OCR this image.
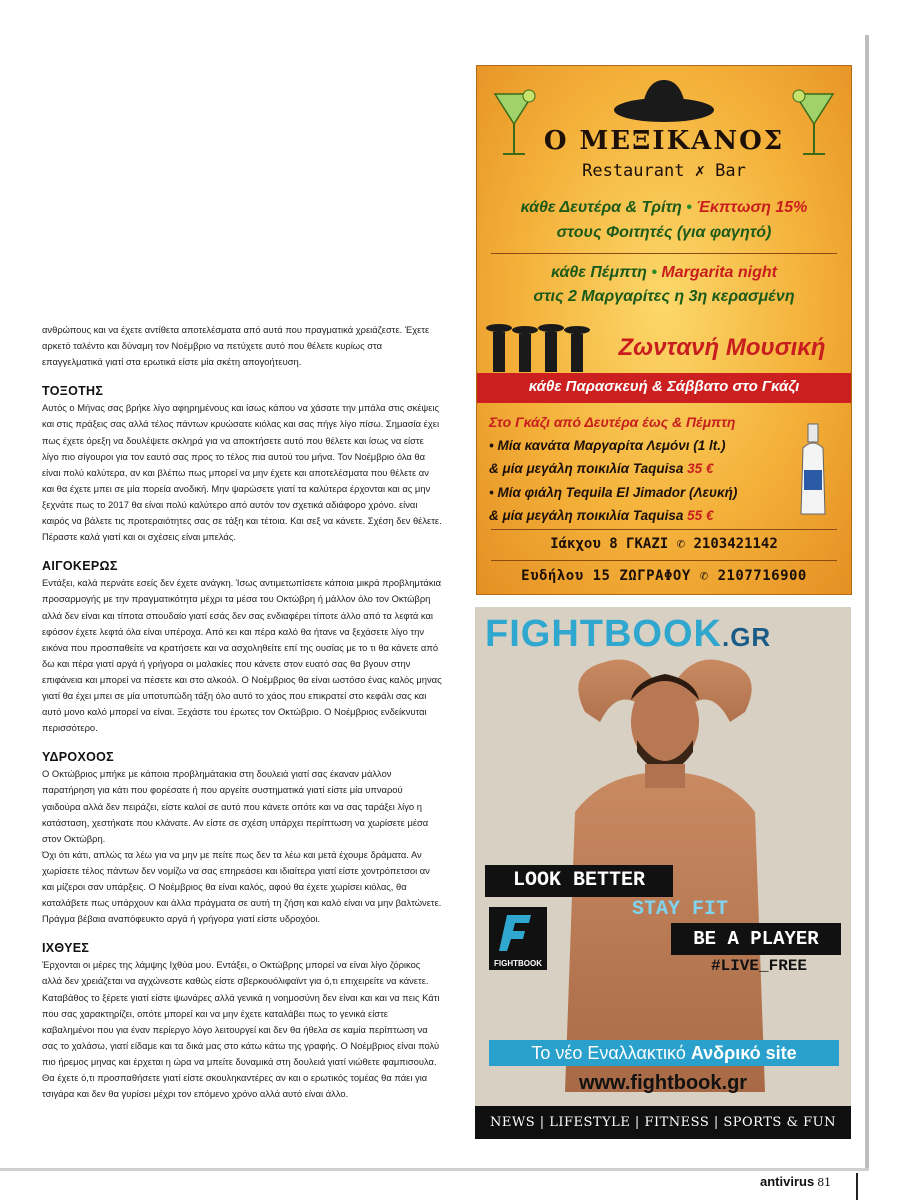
ανθρώπους και να έχετε αντίθετα αποτελέσματα από αυτά που πραγματικά χρειάζεστε. Έχετε αρκετό ταλέντο και δύναμη τον Νοέμβριο να πετύχετε αυτό που θέλετε κυρίως στα επαγγελματικά γιατί στα ερωτικά είστε μία σκέτη απογοήτευση.

ΤΟΞΟΤΗΣ

Αυτός ο Μήνας σας βρήκε λίγο αφηρημένους και ίσως κάπου να χάσατε την μπάλα στις σκέψεις και στις πράξεις σας αλλά τέλος πάντων κρυώσατε κιόλας και σας πήγε λίγο πίσω. Σημασία έχει πως έχετε όρεξη να δουλέψετε σκληρά για να αποκτήσετε αυτό που θέλετε και ίσως να είστε λίγο πιο σίγουροι για τον εαυτό σας προς το τέλος πια αυτού του μήνα. Τον Νοέμβριο όλα θα είναι πολύ καλύτερα, αν και βλέπω πως μπορεί να μην έχετε και αποτελέσματα που θέλετε αν και θα έχετε μπει σε μία πορεία ανοδική. Μην ψαρώσετε γιατί τα καλύτερα έρχονται και ας μην ξεχνάτε πως το 2017 θα είναι πολύ καλύτερο από αυτόν τον σχετικά αδιάφορο χρόνο. είναι καιρός να βάλετε τις προτεραιότητες σας σε τάξη και τέτοια. Και σεξ να κάνετε. Σχέση δεν θέλετε. Πέραστε καλά γιατί και οι σχέσεις είναι μπελάς.

ΑΙΓΟΚΕΡΩΣ

Εντάξει, καλά περνάτε εσείς δεν έχετε ανάγκη. Ίσως αντιμετωπίσετε κάποια μικρά προβλημτάκια προσαρμογής με την πραγματικότητα μέχρι τα μέσα του Οκτώβρη ή μάλλον όλο τον Οκτώβρη αλλά δεν είναι και τίποτα σπουδαίο γιατί εσάς δεν σας ενδιαφέρει τίποτε άλλο από τα λεφτά και εφόσον έχετε λεφτά όλα είναι υπέροχα. Από κει και πέρα καλό θα ήτανε να ξεχάσετε λίγο την εικόνα που προσπαθείτε να κρατήσετε και να ασχοληθείτε επί της ουσίας με το τι θα κάνετε από δω και πέρα γιατί αργά ή γρήγορα οι μαλακίες που κάνετε στον ευατό σας θα βγουν στην επιφάνεια και μπορεί να πέσετε και στο αλκοόλ. Ο Νοέμβριος θα είναι ωστόσο ένας καλός μηνας γιατί θα έχει μπει σε μία υποτυπώδη τάξη όλο αυτό το χάος που επικρατεί στο κεφάλι σας και αυτό μονο καλό μπορεί να είναι. Ξεχάστε του έρωτες τον Οκτώβριο. Ο Νοέμβριος ενδείκνυται περισσότερο.

ΥΔΡΟΧΟΟΣ

Ο Οκτώβριος μπήκε με κάποια προβλημάτακια στη δουλειά γιατί σας έκαναν μάλλον παρατήρηση για κάτι που φορέσατε ή που αργείτε συστηματικά γιατί είστε μία υπναρού γαιδούρα αλλά δεν πειράζει, είστε καλοί σε αυτό που κάνετε οπότε και να σας ταράξει λίγο η κατάσταση, χεστήκατε που κλάνατε. Αν είστε σε σχέση υπάρχει περίπτωση να χωρίσετε μέσα στον Οκτώβρη.

Όχι ότι κάτι, απλώς τα λέω για να μην με πείτε πως δεν τα λέω και μετά έχουμε δράματα. Αν χωρίσετε τέλος πάντων δεν νομίζω να σας επηρεάσει και ιδιαίτερα γιατί είστε χοντρόπετσοι αν και μίζεροι σαν υπάρξεις. Ο Νοέμβριος θα είναι καλός, αφού θα έχετε χωρίσει κιόλας, θα καταλάβετε πως υπάρχουν και άλλα πράγματα σε αυτή τη ζήση και καλό είναι να μην βαλτώνετε. Πράγμα βέβαια αναπόφευκτο αργά ή γρήγορα γιατί είστε υδροχόοι.

ΙΧΘΥΕΣ

Έρχονται οι μέρες της λάμψης Ιχθύα μου. Εντάξει, ο Οκτώβρης μπορεί να είναι λίγο ζόρικος αλλά δεν χρειάζεται να αγχώνεστε καθώς είστε σβερκουόλιφαϊντ για ό,τι επιχειρείτε να κάνετε. Καταβάθος το ξέρετε γιατί είστε ψωνάρες αλλά γενικά η νοημοσύνη δεν είναι και και να πεις Κάτι που σας χαρακτηρίζει, οπότε μπορεί και να μην έχετε καταλάβει πως το γενικά είστε καβαλημένοι που για έναν περίεργο λόγο λειτουργεί και δεν θα ήθελα σε καμία περίπτωση να σας το χαλάσω, γιατί είδαμε και τα δικά μας στο κάτω κάτω της γραφής. Ο Νοέμβριος είναι πολύ πιο ήρεμος μηνας και έρχεται η ώρα να μπείτε δυναμικά στη δουλειά γιατί νιώθετε φαμπισουλα. Θα έχετε ό,τι προσπαθήσετε γιατί είστε σκουληκαντέρες αν και ο ερωτικός τομέας θα πάει για τσιγάρα και δεν θα γυρίσει μέχρι τον επόμενο χρόνο αλλά αυτό είναι άλλο.

Ο ΜΕΞΙΚΑΝΟΣ
Restaurant ✗ Bar
κάθε Δευτέρα & Τρίτη • Έκπτωση 15%
στους Φοιτητές (για φαγητό)
κάθε Πέμπτη • Margarita night
στις 2 Μαργαρίτες η 3η κερασμένη
Ζωντανή Μουσική
κάθε Παρασκευή & Σάββατο στο Γκάζι
Στο Γκάζι από Δευτέρα έως & Πέμπτη
• Μία κανάτα Μαργαρίτα Λεμόνι (1 lt.)
& μία μεγάλη ποικιλία Taquisa 35 €
• Μία φιάλη Tequila El Jimador (Λευκή)
& μία μεγάλη ποικιλία Taquisa 55 €
Ιάκχου 8 ΓΚΑΖΙ ✆ 2103421142
Ευδήλου 15 ΖΩΓΡΑΦΟΥ ✆ 2107716900
FIGHTBOOK.GR
LOOK BETTER
STAY FIT
BE A PLAYER
#LIVE_FREE
FIGHTBOOK
Το νέο Εναλλακτικό Ανδρικό site
www.fightbook.gr
NEWS | LIFESTYLE | FITNESS | SPORTS & FUN
antivirus 81
